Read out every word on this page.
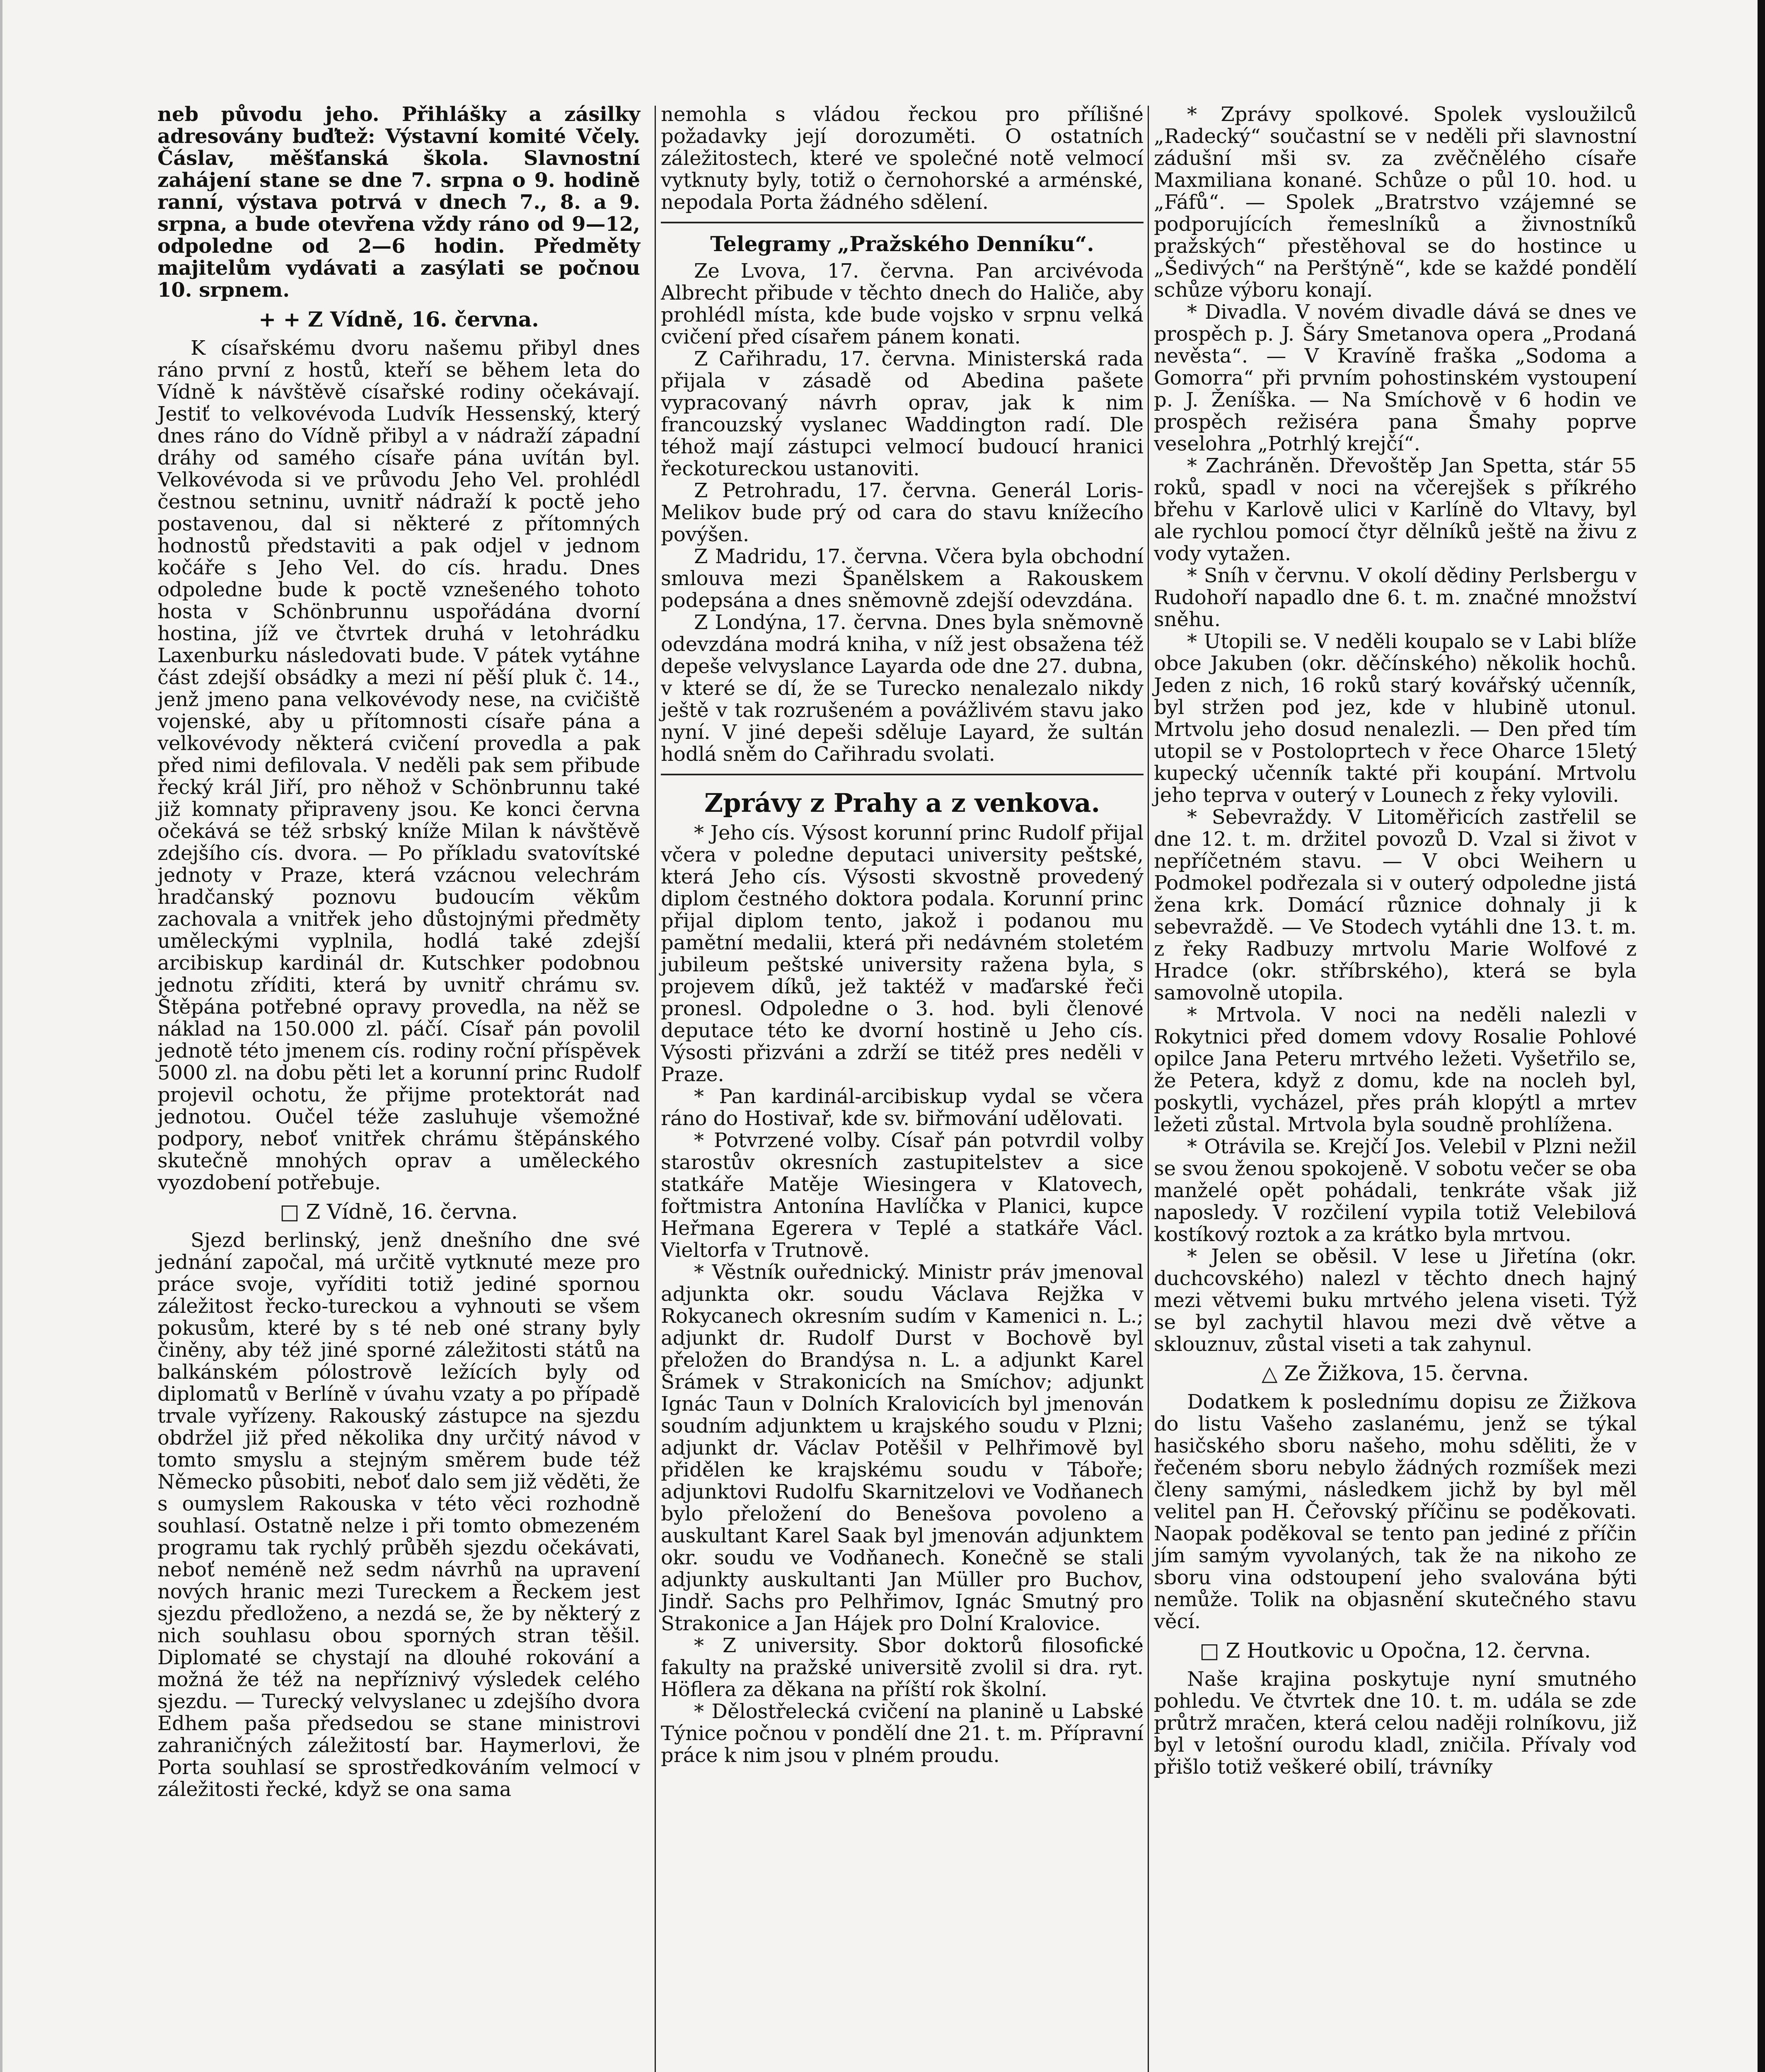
neb původu jeho. Přihlášky a zásilky adresovány buďtež: Výstavní komité Včely. Čáslav, měšťanská škola. Slavnostní zahájení stane se dne 7. srpna o 9. hodině ranní, výstava potrvá v dnech 7., 8. a 9. srpna, a bude otevřena vždy ráno od 9—12, odpoledne od 2—6 hodin. Předměty majitelům vydávati a zasýlati se počnou 10. srpnem.

+ + Z Vídně, 16. června.

K císařskému dvoru našemu přibyl dnes ráno první z hostů, kteří se během leta do Vídně k návštěvě císařské rodiny očekávají. Jestiť to velkovévoda Ludvík Hessenský, který dnes ráno do Vídně přibyl a v nádraží západní dráhy od samého císaře pána uvítán byl. Velkovévoda si ve průvodu Jeho Vel. prohlédl čestnou setninu, uvnitř nádraží k poctě jeho postavenou, dal si některé z přítomných hodnostů představiti a pak odjel v jednom kočáře s Jeho Vel. do cís. hradu. Dnes odpoledne bude k poctě vznešeného tohoto hosta v Schönbrunnu uspořádána dvorní hostina, jíž ve čtvrtek druhá v letohrádku Laxenburku následovati bude. V pátek vytáhne část zdejší obsádky a mezi ní pěší pluk č. 14., jenž jmeno pana velkovévody nese, na cvičiště vojenské, aby u přítomnosti císaře pána a velkovévody některá cvičení provedla a pak před nimi defilovala. V neděli pak sem přibude řecký král Jiří, pro něhož v Schönbrunnu také již komnaty připraveny jsou. Ke konci června očekává se též srbský kníže Milan k návštěvě zdejšího cís. dvora. — Po příkladu svatovítské jednoty v Praze, která vzácnou velechrám hradčanský poznovu budoucím věkům zachovala a vnitřek jeho důstojnými předměty uměleckými vyplnila, hodlá také zdejší arcibiskup kardinál dr. Kutschker podobnou jednotu zříditi, která by uvnitř chrámu sv. Štěpána potřebné opravy provedla, na něž se náklad na 150.000 zl. páčí. Císař pán povolil jednotě této jmenem cís. rodiny roční příspěvek 5000 zl. na dobu pěti let a korunní princ Rudolf projevil ochotu, že přijme protektorát nad jednotou. Oučel téže zasluhuje všemožné podpory, neboť vnitřek chrámu štěpánského skutečně mnohých oprav a uměleckého vyozdobení potřebuje.

□ Z Vídně, 16. června.

Sjezd berlinský, jenž dnešního dne své jednání započal, má určitě vytknuté meze pro práce svoje, vyříditi totiž jediné spornou záležitost řecko-tureckou a vyhnouti se všem pokusům, které by s té neb oné strany byly činěny, aby též jiné sporné záležitosti států na balkánském pólostrově ležících byly od diplomatů v Berlíně v úvahu vzaty a po případě trvale vyřízeny. Rakouský zástupce na sjezdu obdržel již před několika dny určitý návod v tomto smyslu a stejným směrem bude též Německo působiti, neboť dalo sem již věděti, že s oumyslem Rakouska v této věci rozhodně souhlasí. Ostatně nelze i při tomto obmezeném programu tak rychlý průběh sjezdu očekávati, neboť neméně než sedm návrhů na upravení nových hranic mezi Tureckem a Řeckem jest sjezdu předloženo, a nezdá se, že by některý z nich souhlasu obou sporných stran těšil. Diplomaté se chystají na dlouhé rokování a možná že též na nepříznivý výsledek celého sjezdu. — Turecký velvyslanec u zdejšího dvora Edhem paša předsedou se stane ministrovi zahraničných záležitostí bar. Haymerlovi, že Porta souhlasí se sprostředkováním velmocí v záležitosti řecké, když se ona sama

nemohla s vládou řeckou pro přílišné požadavky její dorozuměti. O ostatních záležitostech, které ve společné notě velmocí vytknuty byly, totiž o černohorské a arménské, nepodala Porta žádného sdělení.

Telegramy „Pražského Denníku“.

Ze Lvova, 17. června. Pan arcivévoda Albrecht přibude v těchto dnech do Haliče, aby prohlédl místa, kde bude vojsko v srpnu velká cvičení před císařem pánem konati.

Z Cařihradu, 17. června. Ministerská rada přijala v zásadě od Abedina pašete vypracovaný návrh oprav, jak k nim francouzský vyslanec Waddington radí. Dle téhož mají zástupci velmocí budoucí hranici řeckotureckou ustanoviti.

Z Petrohradu, 17. června. Generál Loris-Melikov bude prý od cara do stavu knížecího povýšen.

Z Madridu, 17. června. Včera byla obchodní smlouva mezi Španělskem a Rakouskem podepsána a dnes sněmovně zdejší odevzdána.

Z Londýna, 17. června. Dnes byla sněmovně odevzdána modrá kniha, v níž jest obsažena též depeše velvyslance Layarda ode dne 27. dubna, v které se dí, že se Turecko nenalezalo nikdy ještě v tak rozrušeném a povážlivém stavu jako nyní. V jiné depeši sděluje Layard, že sultán hodlá sněm do Cařihradu svolati.

Zprávy z Prahy a z venkova.

* Jeho cís. Výsost korunní princ Rudolf přijal včera v poledne deputaci university peštské, která Jeho cís. Výsosti skvostně provedený diplom čestného doktora podala. Korunní princ přijal diplom tento, jakož i podanou mu pamětní medalii, která při nedávném stoletém jubileum peštské university ražena byla, s projevem díků, jež taktéž v maďarské řeči pronesl. Odpoledne o 3. hod. byli členové deputace této ke dvorní hostině u Jeho cís. Výsosti přizváni a zdrží se titéž pres neděli v Praze.

* Pan kardinál-arcibiskup vydal se včera ráno do Hostivař, kde sv. biřmování udělovati.

* Potvrzené volby. Císař pán potvrdil volby starostův okresních zastupitelstev a sice statkáře Matěje Wiesingera v Klatovech, fořtmistra Antonína Havlíčka v Planici, kupce Heřmana Egerera v Teplé a statkáře Václ. Vieltorfa v Trutnově.

* Věstník ouřednický. Ministr práv jmenoval adjunkta okr. soudu Václava Rejžka v Rokycanech okresním sudím v Kamenici n. L.; adjunkt dr. Rudolf Durst v Bochově byl přeložen do Brandýsa n. L. a adjunkt Karel Šrámek v Strakonicích na Smíchov; adjunkt Ignác Taun v Dolních Kralovicích byl jmenován soudním adjunktem u krajského soudu v Plzni; adjunkt dr. Václav Potěšil v Pelhřimově byl přidělen ke krajskému soudu v Táboře; adjunktovi Rudolfu Skarnitzelovi ve Vodňanech bylo přeložení do Benešova povoleno a auskultant Karel Saak byl jmenován adjunktem okr. soudu ve Vodňanech. Konečně se stali adjunkty auskultanti Jan Müller pro Buchov, Jindř. Sachs pro Pelhřimov, Ignác Smutný pro Strakonice a Jan Hájek pro Dolní Kralovice.

* Z university. Sbor doktorů filosofické fakulty na pražské universitě zvolil si dra. ryt. Höflera za děkana na příští rok školní.

* Dělostřelecká cvičení na planině u Labské Týnice počnou v pondělí dne 21. t. m. Přípravní práce k nim jsou v plném proudu.

* Zprávy spolkové. Spolek vysloužilců „Radecký“ součastní se v neděli při slavnostní zádušní mši sv. za zvěčnělého císaře Maxmiliana konané. Schůze o půl 10. hod. u „Fáfů“. — Spolek „Bratrstvo vzájemné se podporujících řemeslníků a živnostníků pražských“ přestěhoval se do hostince u „Šedivých“ na Perštýně“, kde se každé pondělí schůze výboru konají.

* Divadla. V novém divadle dává se dnes ve prospěch p. J. Šáry Smetanova opera „Prodaná nevěsta“. — V Kravíně fraška „Sodoma a Gomorra“ při prvním pohostinském vystoupení p. J. Ženíška. — Na Smíchově v 6 hodin ve prospěch režiséra pana Šmahy poprve veselohra „Potrhlý krejčí“.

* Zachráněn. Dřevoštěp Jan Spetta, stár 55 roků, spadl v noci na včerejšek s příkrého břehu v Karlově ulici v Karlíně do Vltavy, byl ale rychlou pomocí čtyr dělníků ještě na živu z vody vytažen.

* Sníh v červnu. V okolí dědiny Perlsbergu v Rudohoří napadlo dne 6. t. m. značné množství sněhu.

* Utopili se. V neděli koupalo se v Labi blíže obce Jakuben (okr. děčínského) několik hochů. Jeden z nich, 16 roků starý kovářský učenník, byl stržen pod jez, kde v hlubině utonul. Mrtvolu jeho dosud nenalezli. — Den před tím utopil se v Postoloprtech v řece Oharce 15letý kupecký učenník takté při koupání. Mrtvolu jeho teprva v outerý v Lounech z řeky vylovili.

* Sebevraždy. V Litoměřicích zastřelil se dne 12. t. m. držitel povozů D. Vzal si život v nepříčetném stavu. — V obci Weihern u Podmokel podřezala si v outerý odpoledne jistá žena krk. Domácí různice dohnaly ji k sebevraždě. — Ve Stodech vytáhli dne 13. t. m. z řeky Radbuzy mrtvolu Marie Wolfové z Hradce (okr. stříbrského), která se byla samovolně utopila.

* Mrtvola. V noci na neděli nalezli v Rokytnici před domem vdovy Rosalie Pohlové opilce Jana Peteru mrtvého ležeti. Vyšetřilo se, že Petera, když z domu, kde na nocleh byl, poskytli, vycházel, přes práh klopýtl a mrtev ležeti zůstal. Mrtvola byla soudně prohlížena.

* Otrávila se. Krejčí Jos. Velebil v Plzni nežil se svou ženou spokojeně. V sobotu večer se oba manželé opět pohádali, tenkráte však již naposledy. V rozčilení vypila totiž Velebilová kostíkový roztok a za krátko byla mrtvou.

* Jelen se oběsil. V lese u Jiřetína (okr. duchcovského) nalezl v těchto dnech hajný mezi větvemi buku mrtvého jelena viseti. Týž se byl zachytil hlavou mezi dvě větve a sklouznuv, zůstal viseti a tak zahynul.

△ Ze Žižkova, 15. června.

Dodatkem k poslednímu dopisu ze Žižkova do listu Vašeho zaslanému, jenž se týkal hasičského sboru našeho, mohu sděliti, že v řečeném sboru nebylo žádných rozmíšek mezi členy samými, následkem jichž by byl měl velitel pan H. Čeřovský příčinu se poděkovati. Naopak poděkoval se tento pan jediné z příčin jím samým vyvolaných, tak že na nikoho ze sboru vina odstoupení jeho svalována býti nemůže. Tolik na objasnění skutečného stavu věcí.

□ Z Houtkovic u Opočna, 12. června.

Naše krajina poskytuje nyní smutného pohledu. Ve čtvrtek dne 10. t. m. udála se zde průtrž mračen, která celou naději rolníkovu, již byl v letošní ourodu kladl, zničila. Přívaly vod přišlo totiž veškeré obilí, trávníky
